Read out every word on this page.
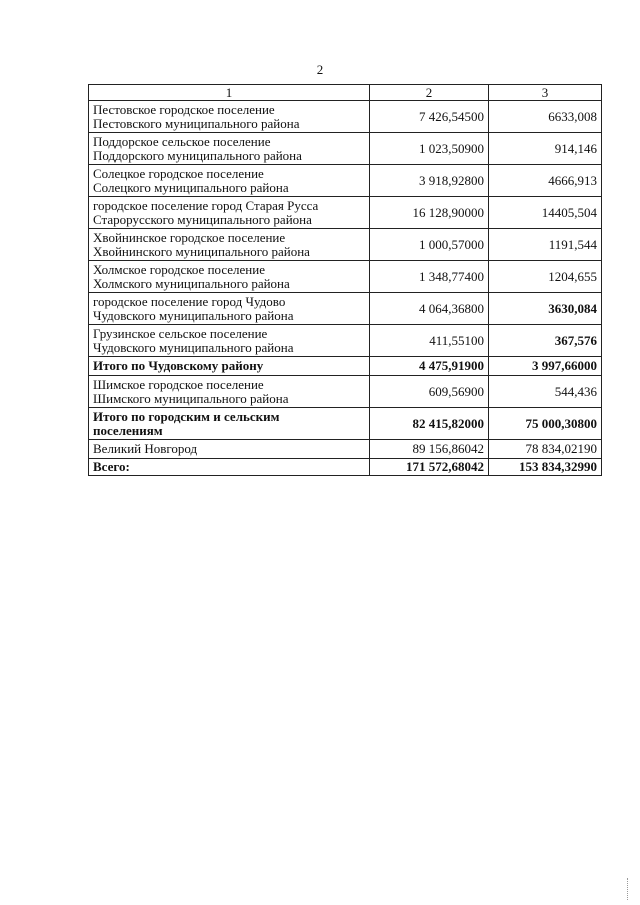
2
1	2	3

Пестовское городское поселение
Пестовского муниципального района	7 426,54500	6633,008

Поддорское сельское поселение
Поддорского муниципального района	1 023,50900	914,146

Солецкое городское поселение
Солецкого муниципального района	3 918,92800	4666,913

городское поселение город Старая Русса
Старорусского муниципального района	16 128,90000	14405,504

Хвойнинское городское поселение
Хвойнинского муниципального района	1 000,57000	1191,544

Холмское городское поселение
Холмского муниципального района	1 348,77400	1204,655

городское поселение город Чудово
Чудовского муниципального района	4 064,36800	3630,084

Грузинское сельское поселение
Чудовского муниципального района	411,55100	367,576

Итого по Чудовскому району	4 475,91900	3 997,66000

Шимское городское поселение
Шимского муниципального района	609,56900	544,436

Итого по городским и сельским
поселениям	82 415,82000	75 000,30800

Великий Новгород	89 156,86042	78 834,02190

Всего:	171 572,68042	153 834,32990
